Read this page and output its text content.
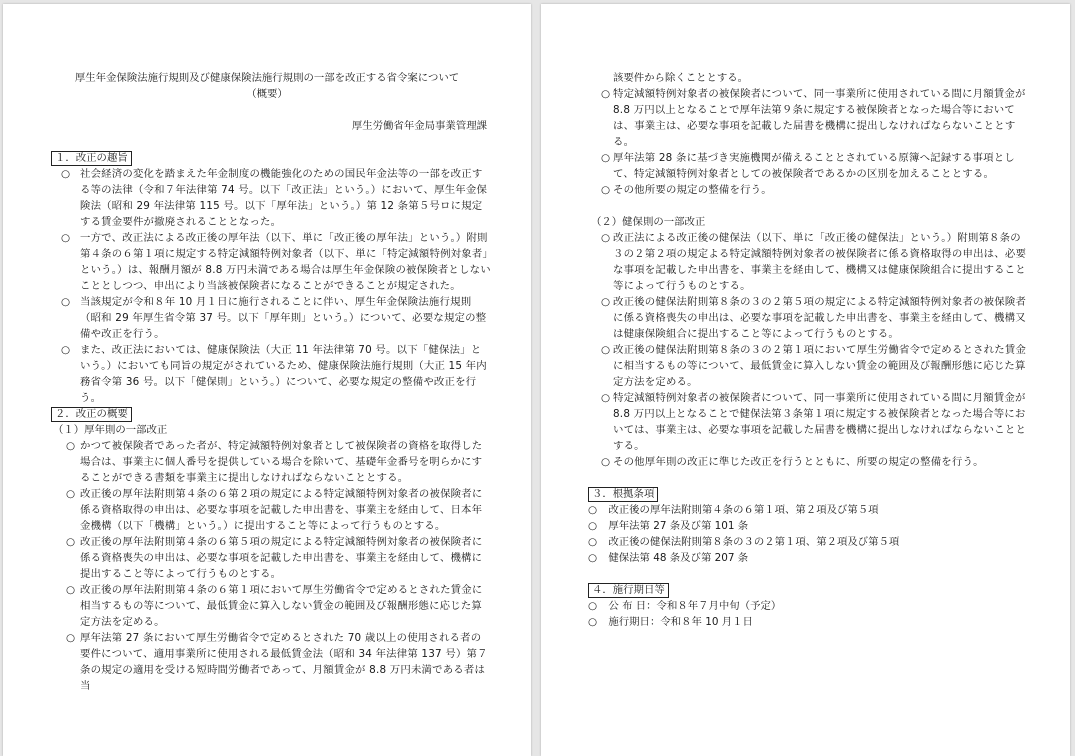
厚生年金保険法施行規則及び健康保険法施行規則の一部を改正する省令案について
（概要）
厚生労働省年金局事業管理課
１．改正の趣旨
○ 社会経済の変化を踏まえた年金制度の機能強化のための国民年金法等の一部を改正する等の法律（令和７年法律第 74 号。以下「改正法」という。）において、厚生年金保険法（昭和 29 年法律第 115 号。以下「厚年法」という。）第 12 条第５号ロに規定する賃金要件が撤廃されることとなった。
○ 一方で、改正法による改正後の厚年法（以下、単に「改正後の厚年法」という。）附則第４条の６第１項に規定する特定減額特例対象者（以下、単に「特定減額特例対象者」という。）は、報酬月額が 8.8 万円未満である場合は厚生年金保険の被保険者としないこととしつつ、申出により当該被保険者になることができることが規定された。
○ 当該規定が令和８年 10 月１日に施行されることに伴い、厚生年金保険法施行規則（昭和 29 年厚生省令第 37 号。以下「厚年則」という。）について、必要な規定の整備や改正を行う。
○ また、改正法においては、健康保険法（大正 11 年法律第 70 号。以下「健保法」という。）においても同旨の規定がされているため、健康保険法施行規則（大正 15 年内務省令第 36 号。以下「健保則」という。）について、必要な規定の整備や改正を行う。
２．改正の概要
（１）厚年則の一部改正
○ かつて被保険者であった者が、特定減額特例対象者として被保険者の資格を取得した場合は、事業主に個人番号を提供している場合を除いて、基礎年金番号を明らかにすることができる書類を事業主に提出しなければならないこととする。
○ 改正後の厚年法附則第４条の６第２項の規定による特定減額特例対象者の被保険者に係る資格取得の申出は、必要な事項を記載した申出書を、事業主を経由して、日本年金機構（以下「機構」という。）に提出すること等によって行うものとする。
○ 改正後の厚年法附則第４条の６第５項の規定による特定減額特例対象者の被保険者に係る資格喪失の申出は、必要な事項を記載した申出書を、事業主を経由して、機構に提出すること等によって行うものとする。
○ 改正後の厚年法附則第４条の６第１項において厚生労働省令で定めるとされた賃金に相当するもの等について、最低賃金に算入しない賃金の範囲及び報酬形態に応じた算定方法を定める。
○ 厚年法第 27 条において厚生労働省令で定めるとされた 70 歳以上の使用される者の要件について、適用事業所に使用される最低賃金法（昭和 34 年法律第 137 号）第７条の規定の適用を受ける短時間労働者であって、月額賃金が 8.8 万円未満である者は当
該要件から除くこととする。
○ 特定減額特例対象者の被保険者について、同一事業所に使用されている間に月額賃金が 8.8 万円以上となることで厚年法第９条に規定する被保険者となった場合等においては、事業主は、必要な事項を記載した届書を機構に提出しなければならないこととする。
○ 厚年法第 28 条に基づき実施機関が備えることとされている原簿へ記録する事項として、特定減額特例対象者としての被保険者であるかの区別を加えることとする。
○ その他所要の規定の整備を行う。
（２）健保則の一部改正
○ 改正法による改正後の健保法（以下、単に「改正後の健保法」という。）附則第８条の３の２第２項の規定よる特定減額特例対象者の被保険者に係る資格取得の申出は、必要な事項を記載した申出書を、事業主を経由して、機構又は健康保険組合に提出すること等によって行うものとする。
○ 改正後の健保法附則第８条の３の２第５項の規定による特定減額特例対象者の被保険者に係る資格喪失の申出は、必要な事項を記載した申出書を、事業主を経由して、機構又は健康保険組合に提出すること等によって行うものとする。
○ 改正後の健保法附則第８条の３の２第１項において厚生労働省令で定めるとされた賃金に相当するもの等について、最低賃金に算入しない賃金の範囲及び報酬形態に応じた算定方法を定める。
○ 特定減額特例対象者の被保険者について、同一事業所に使用されている間に月額賃金が 8.8 万円以上となることで健保法第３条第１項に規定する被保険者となった場合等においては、事業主は、必要な事項を記載した届書を機構に提出しなければならないこととする。
○ その他厚年則の改正に準じた改正を行うとともに、所要の規定の整備を行う。
３．根拠条項
○ 改正後の厚年法附則第４条の６第１項、第２項及び第５項
○ 厚年法第 27 条及び第 101 条
○ 改正後の健保法附則第８条の３の２第１項、第２項及び第５項
○ 健保法第 48 条及び第 207 条
４．施行期日等
○ 公 布 日：令和８年７月中旬（予定）
○ 施行期日：令和８年 10 月１日
